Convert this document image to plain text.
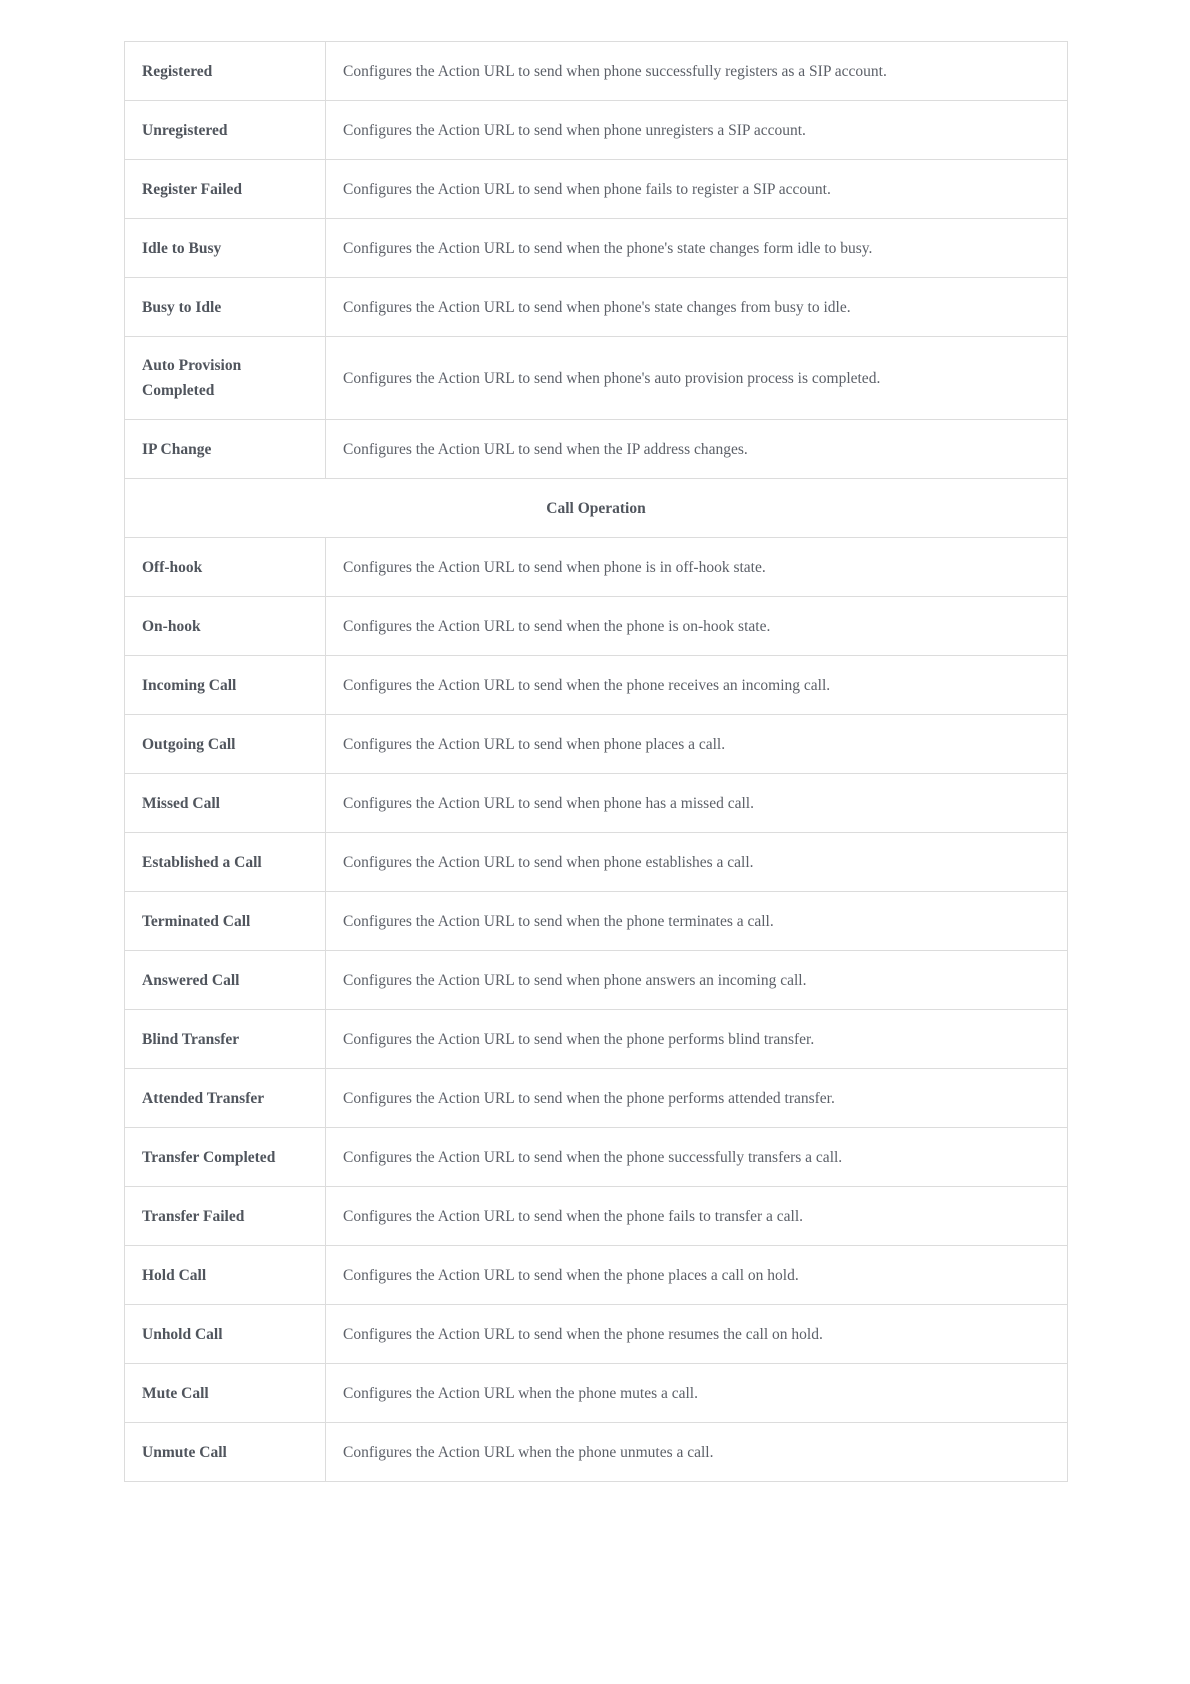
Registered	Configures the Action URL to send when phone successfully registers as a SIP account.
Unregistered	Configures the Action URL to send when phone unregisters a SIP account.
Register Failed	Configures the Action URL to send when phone fails to register a SIP account.
Idle to Busy	Configures the Action URL to send when the phone's state changes form idle to busy.
Busy to Idle	Configures the Action URL to send when phone's state changes from busy to idle.
Auto Provision Completed	Configures the Action URL to send when phone's auto provision process is completed.
IP Change	Configures the Action URL to send when the IP address changes.
Call Operation	
Off-hook	Configures the Action URL to send when phone is in off-hook state.
On-hook	Configures the Action URL to send when the phone is on-hook state.
Incoming Call	Configures the Action URL to send when the phone receives an incoming call.
Outgoing Call	Configures the Action URL to send when phone places a call.
Missed Call	Configures the Action URL to send when phone has a missed call.
Established a Call	Configures the Action URL to send when phone establishes a call.
Terminated Call	Configures the Action URL to send when the phone terminates a call.
Answered Call	Configures the Action URL to send when phone answers an incoming call.
Blind Transfer	Configures the Action URL to send when the phone performs blind transfer.
Attended Transfer	Configures the Action URL to send when the phone performs attended transfer.
Transfer Completed	Configures the Action URL to send when the phone successfully transfers a call.
Transfer Failed	Configures the Action URL to send when the phone fails to transfer a call.
Hold Call	Configures the Action URL to send when the phone places a call on hold.
Unhold Call	Configures the Action URL to send when the phone resumes the call on hold.
Mute Call	Configures the Action URL when the phone mutes a call.
Unmute Call	Configures the Action URL when the phone unmutes a call.
